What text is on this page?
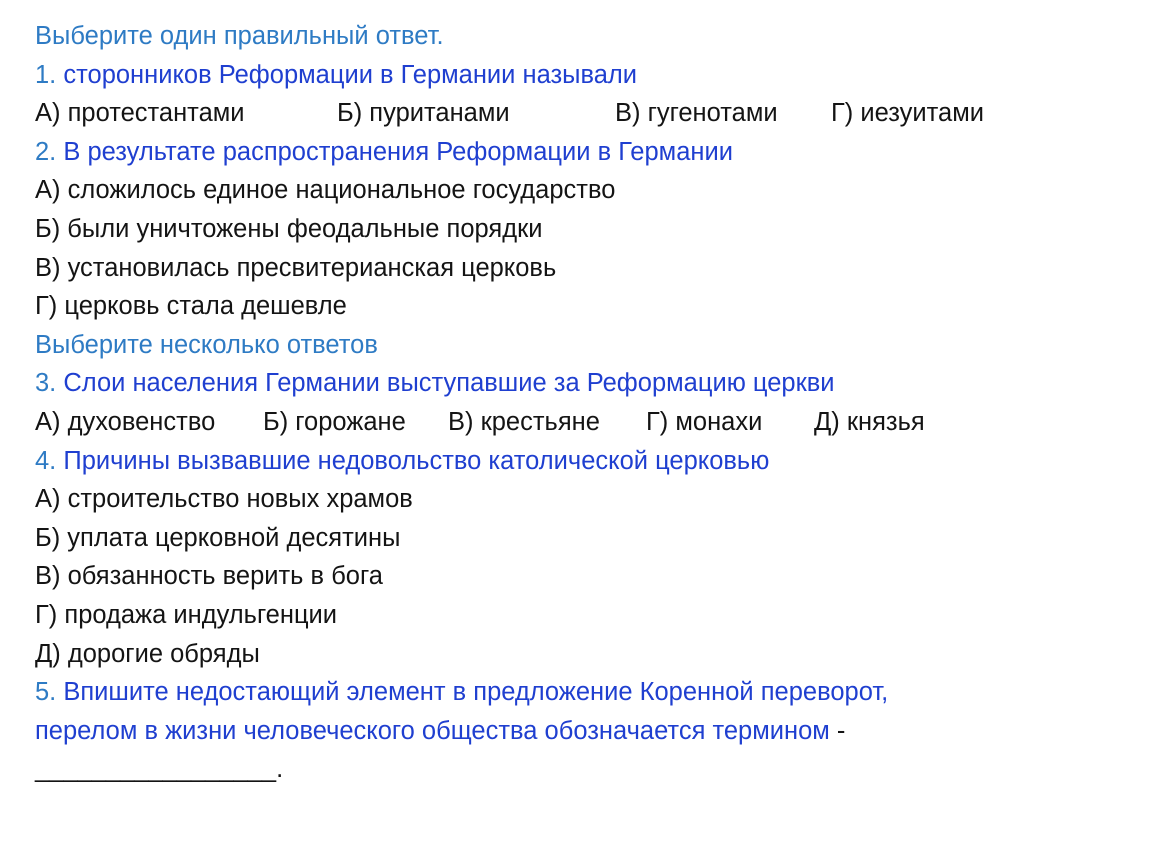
Выберите один правильный ответ.
1. сторонников Реформации в Германии называли
А) протестантами	Б) пуританами	В) гугенотами Г) иезуитами
2. В результате распространения Реформации в Германии
А) сложилось единое национальное государство
Б) были уничтожены феодальные порядки
В) установилась пресвитерианская церковь
Г) церковь стала дешевле
Выберите несколько ответов
3. Слои населения Германии выступавшие за Реформацию церкви
А) духовенство Б) горожане В) крестьяне Г) монахи Д) князья
4. Причины вызвавшие недовольство католической церковью
А) строительство новых храмов
Б) уплата церковной десятины
В) обязанность верить в бога
Г) продажа индульгенции
Д) дорогие обряды
5. Впишите недостающий элемент в предложение Коренной переворот,
перелом в жизни человеческого общества обозначается термином -
_________________.
